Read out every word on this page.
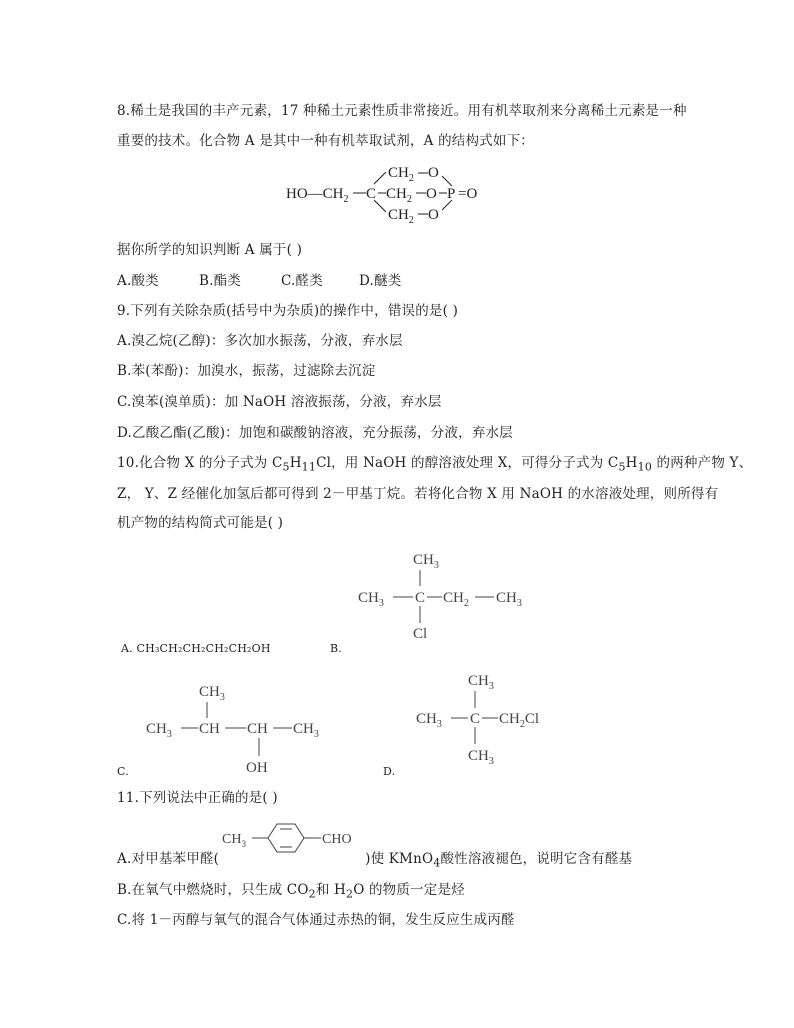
8.稀土是我国的丰产元素，17 种稀土元素性质非常接近。用有机萃取剂来分离稀土元素是一种
重要的技术。化合物 A 是其中一种有机萃取试剂，A 的结构式如下：
$HO—CH_2$ C $CH_2$ O P =O
$CH_2$ O
$CH_2$ O
据你所学的知识判断 A 属于( )
A.酸类	B.酯类	C.醛类	D.醚类
9.下列有关除杂质(括号中为杂质)的操作中，错误的是( )
A.溴乙烷(乙醇)：多次加水振荡，分液，弃水层
B.苯(苯酚)：加溴水，振荡，过滤除去沉淀
C.溴苯(溴单质)：加 NaOH 溶液振荡，分液，弃水层
D.乙酸乙酯(乙酸)：加饱和碳酸钠溶液，充分振荡，分液，弃水层
10.化合物 X 的分子式为 $C_5H_{11}Cl$，用 NaOH 的醇溶液处理 X，可得分子式为 $C_5H_{10}$ 的两种产物 Y、
Z， Y、Z 经催化加氢后都可得到 2－甲基丁烷。若将化合物 X 用 NaOH 的水溶液处理，则所得有
机产物的结构简式可能是( )
$CH_3$
$CH_3$ C $CH_2$ $CH_3$
Cl
A. CH₃CH₂CH₂CH₂CH₂OH	B.
$CH_3$
$CH_3$ CH CH $CH_3$
OH
$CH_3$
$CH_3$ C $CH_2Cl$
$CH_3$
C.	D.
11.下列说法中正确的是( )
$CH_3$	CHO
A.对甲基苯甲醛(	)使 KMnO$_4$酸性溶液褪色，说明它含有醛基
B.在氧气中燃烧时，只生成 $CO_2$和 $H_2O$ 的物质一定是烃
C.将 1－丙醇与氧气的混合气体通过赤热的铜，发生反应生成丙醛
